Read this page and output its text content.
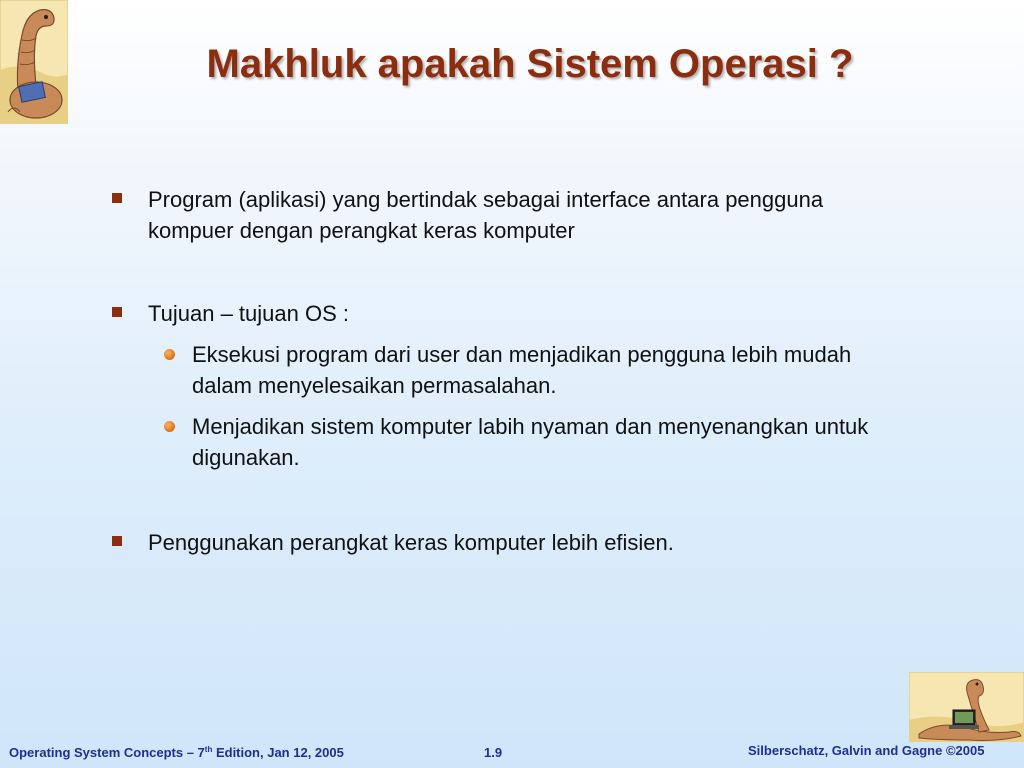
Makhluk apakah Sistem Operasi ?
Program (aplikasi) yang bertindak sebagai interface antara pengguna kompuer dengan perangkat keras komputer
Tujuan – tujuan OS :
Eksekusi program dari user dan menjadikan pengguna lebih mudah dalam menyelesaikan permasalahan.
Menjadikan sistem komputer labih nyaman dan menyenangkan untuk digunakan.
Penggunakan perangkat keras komputer lebih efisien.
Operating System Concepts – 7th Edition, Jan 12, 2005	1.9	Silberschatz, Galvin and Gagne ©2005
